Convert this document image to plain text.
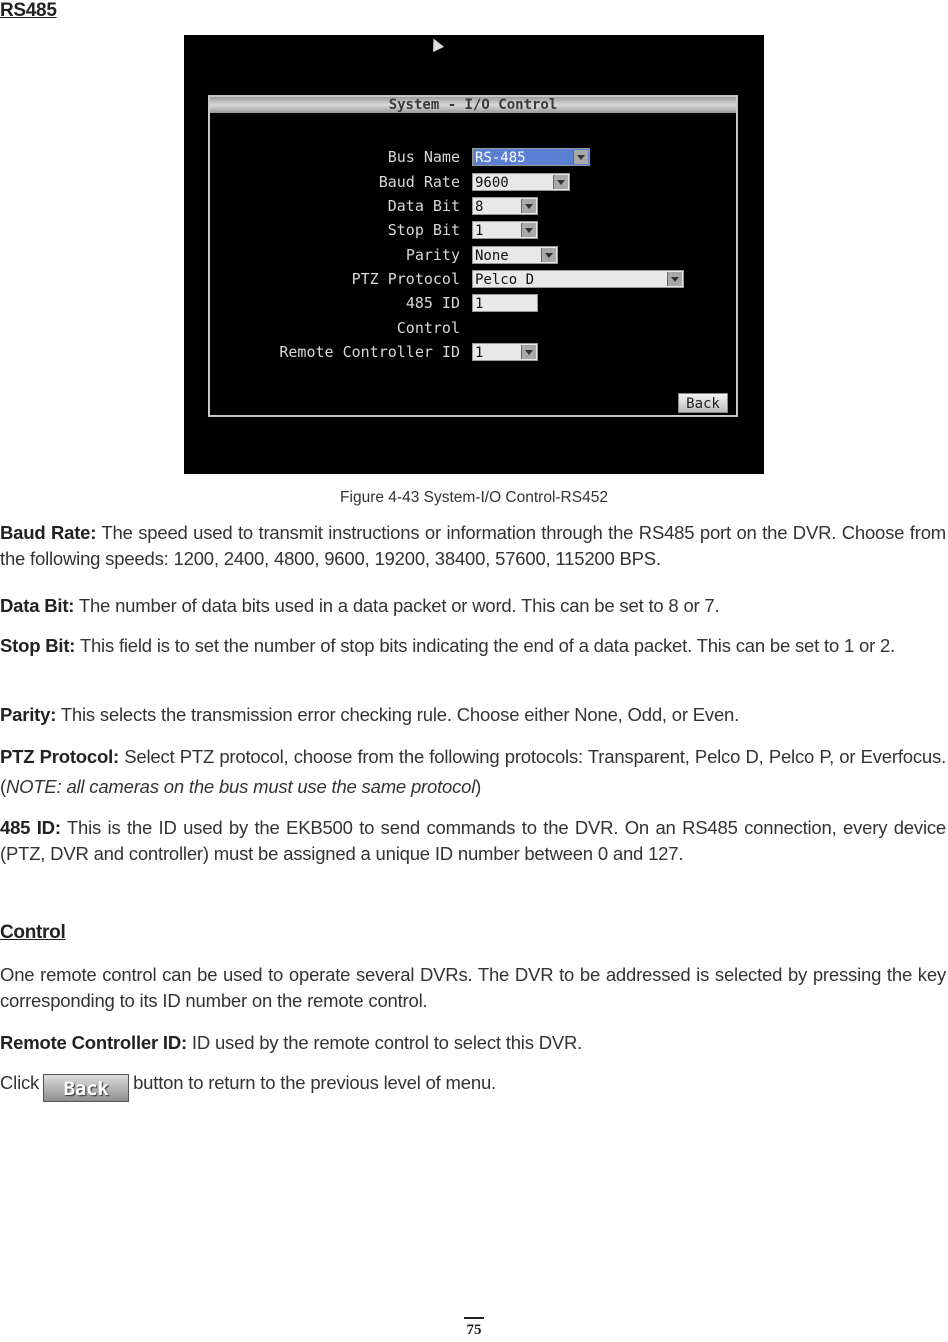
RS485
System - I/O Control
Bus Name RS-485
Baud Rate 9600
Data Bit 8
Stop Bit 1
Parity None
PTZ Protocol Pelco D
485 ID 1
Control
Remote Controller ID 1
Back
Figure 4-43 System-I/O Control-RS452
Baud Rate: The speed used to transmit instructions or information through the RS485 port on the DVR. Choose from the following speeds: 1200, 2400, 4800, 9600, 19200, 38400, 57600, 115200 BPS.
Data Bit: The number of data bits used in a data packet or word. This can be set to 8 or 7.
Stop Bit: This field is to set the number of stop bits indicating the end of a data packet. This can be set to 1 or 2.
Parity: This selects the transmission error checking rule. Choose either None, Odd, or Even.
PTZ Protocol: Select PTZ protocol, choose from the following protocols: Transparent, Pelco D, Pelco P, or Everfocus. (NOTE: all cameras on the bus must use the same protocol)
485 ID: This is the ID used by the EKB500 to send commands to the DVR. On an RS485 connection, every device (PTZ, DVR and controller) must be assigned a unique ID number between 0 and 127.
Control
One remote control can be used to operate several DVRs. The DVR to be addressed is selected by pressing the key corresponding to its ID number on the remote control.
Remote Controller ID: ID used by the remote control to select this DVR.
Click Back button to return to the previous level of menu.
75
